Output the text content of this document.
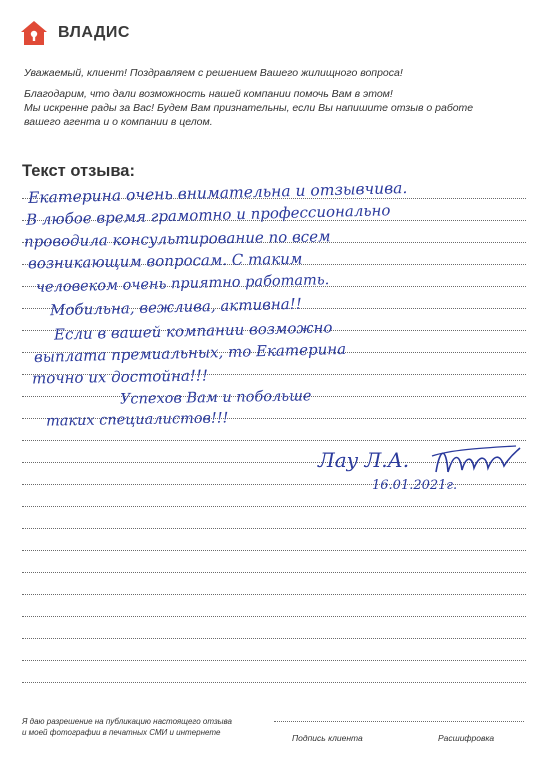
ВЛАДИС

Уважаемый, клиент! Поздравляем с решением Вашего жилищного вопроса!

Благодарим, что дали возможность нашей компании помочь Вам в этом!

Мы искренне рады за Вас! Будем Вам признательны, если Вы напишите отзыв о работе

вашего агента и о компании в целом.

Текст отзыва:
Екатерина очень внимательна и отзывчива.
В любое время грамотно и профессионально
проводила консультирование по всем
возникающим вопросам. С таким
человеком очень приятно работать.
Мобильна, вежлива, активна!!
Если в вашей компании возможно
выплата премиальных, то Екатерина
точно их достойна!!!
Успехов Вам и побольше
таких специалистов!!!
Лау Л.А.
16.01.2021г.
Я даю разрешение на публикацию настоящего отзыва
и моей фотографии в печатных СМИ и интернете
Подпись клиента	Расшифровка
